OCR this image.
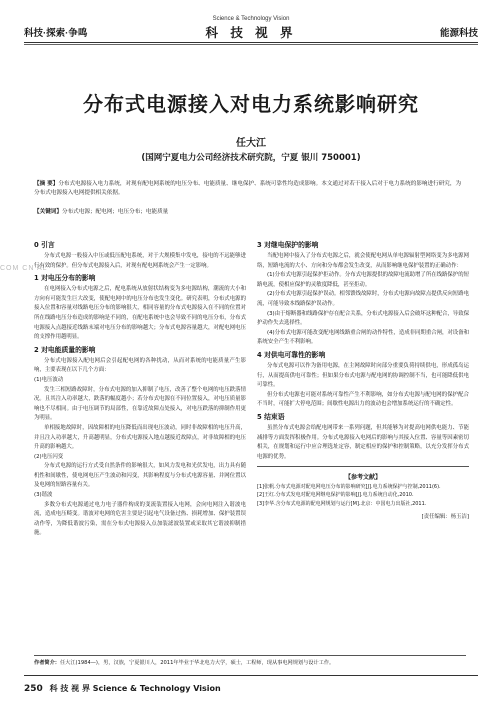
Science & Technology Vision
科技·探索·争鸣	科 技 视 界	能源科技
分布式电源接入对电力系统影响研究
任大江
(国网宁夏电力公司经济技术研究院，宁夏 银川 750001)
【摘 要】分布式电源接入电力系统，对现有配电网系统的电压分布、电能质量、继电保护、系统可靠性均造成影响。本文通过对若干接入后对于电力系统的影响进行研究，为分布式电源接入电网提供相关依据。
【关键词】分布式电源；配电网；电压分布；电能质量
COM CN AL
0 引言

分布式电源一般接入中压或低压配电系统，对于大规模集中发电，接电的不远能够进行有效的保护。但分布式电源接入后，对现有配电网系统会产生一定影响。

1 对电压分布的影响

在电网接入分布式电源之后，配电系统从放射状结构变为多电源结构，潮流的大小和方向有可能发生巨大改变，使配电网中的电压分布也发生变化。研究表明，分布式电源的接入位置和容量对线路电压分布的影响很大，相同容量的分布式电源接入在不同的位置对所在线路电压分布造成的影响是不同的，在配电系统中也会导致不同的电压分布，分布式电源接入点越接近线路末端对电压分布的影响越大；分布式电源容量越大，对配电网电压的支撑作用越明显。

2 对电能质量的影响

分布式电源接入配电网后会引起配电网的各种扰动，从而对系统的电能质量产生影响，主要表现在以下几个方面：

(1)电压波动

发生三相短路故障时，分布式电源的加入抑制了电压，改善了整个电网的电压跌落情况。且其注入功率越大，跌落的幅度越小；若分布式电源在不同位置接入，对电压质量影响也不尽相同。由于电压调节的局部性，在靠近故障点处接入，对电压跌落的抑制作用更为明显。

单相接地故障时，因故障相的电压降低而出现电压波动，同时非故障相的电压升高，并且注入功率越大，升高越明显，分布式电源接入地点越接近故障点，对非故障相的电压升高的影响越大。

(2)电压闪变

分布式电源的运行方式受自然条件的影响很大，如风力发电和光伏发电，出力具有随机性和间歇性，使电网电压产生波动和闪变，其影响程度与分布式电源容量、并网位置以及电网的短路容量有关。

(3)谐波

多数分布式电源通过电力电子器件构成的变流装置接入电网，会向电网注入谐波电流，造成电压畸变。谐波对电网的危害主要是引起电气设备过热、损耗增加、保护装置误动作等，为降低谐波污染，需在分布式电源接入点加装滤波装置或采取其它谐波抑制措施。

3 对继电保护的影响

当配电网中接入了分布式电源之后，就会使配电网从单电源辐射型网络变为多电源网络，短路电流的大小、方向和分布都会发生改变，从而影响继电保护装置的正确动作：

(1)分布式电源引起保护拒动作。分布式电源提供的故障电流助增了所在线路保护的短路电流，使相应保护的灵敏度降低，甚至拒动。

(2)分布式电源引起保护误动。相邻馈线故障时，分布式电源向故障点提供反向短路电流，可能导致本线路保护误动作。

(3)由于熔断器和线路保护存在配合关系，分布式电源接入后会破坏这种配合，导致保护动作失去选择性。

(4)分布式电源可能改变配电网线路重合闸的动作特性，造成非同期重合闸，对设备和系统安全产生不利影响。

4 对供电可靠性的影响

分布式电源可以作为备用电源，在主网故障时向部分重要负荷持续供电，形成孤岛运行，从而提高供电可靠性；但如果分布式电源与配电网的协调控制不当，也可能降低供电可靠性。

但分布式电源也可能对系统可靠性产生不利影响，如分布式电源与配电网的保护配合不当时，可能扩大停电范围；间歇性电源出力的波动也会增加系统运行的不确定性。

5 结束语

虽然分布式电源会给配电网带来一系列问题，但其能够为对提高电网供电能力、节能减排等方面发挥积极作用。分布式电源接入电网后的影响与其接入位置、容量等因素密切相关，在规划和运行中应合理选址定容，制定相应的保护和控制策略，以充分发挥分布式电源的优势。

【参考文献】
[1]张帆.分布式电源对配电网电压分布的影响研究[J].电力系统保护与控制,2011(6).
[2]王红.分布式发电对配电网继电保护的影响[J].电力系统自动化,2010.
[3]李华.含分布式电源的配电网规划与运行[M].北京：中国电力出版社,2011.
[责任编辑：杨玉洁]
作者简介：任大江(1984—)，男，汉族，宁夏银川人，2011年毕业于华北电力大学，硕士，工程师，现从事电网规划与设计工作。
250 科 技 视 界 Science & Technology Vision
